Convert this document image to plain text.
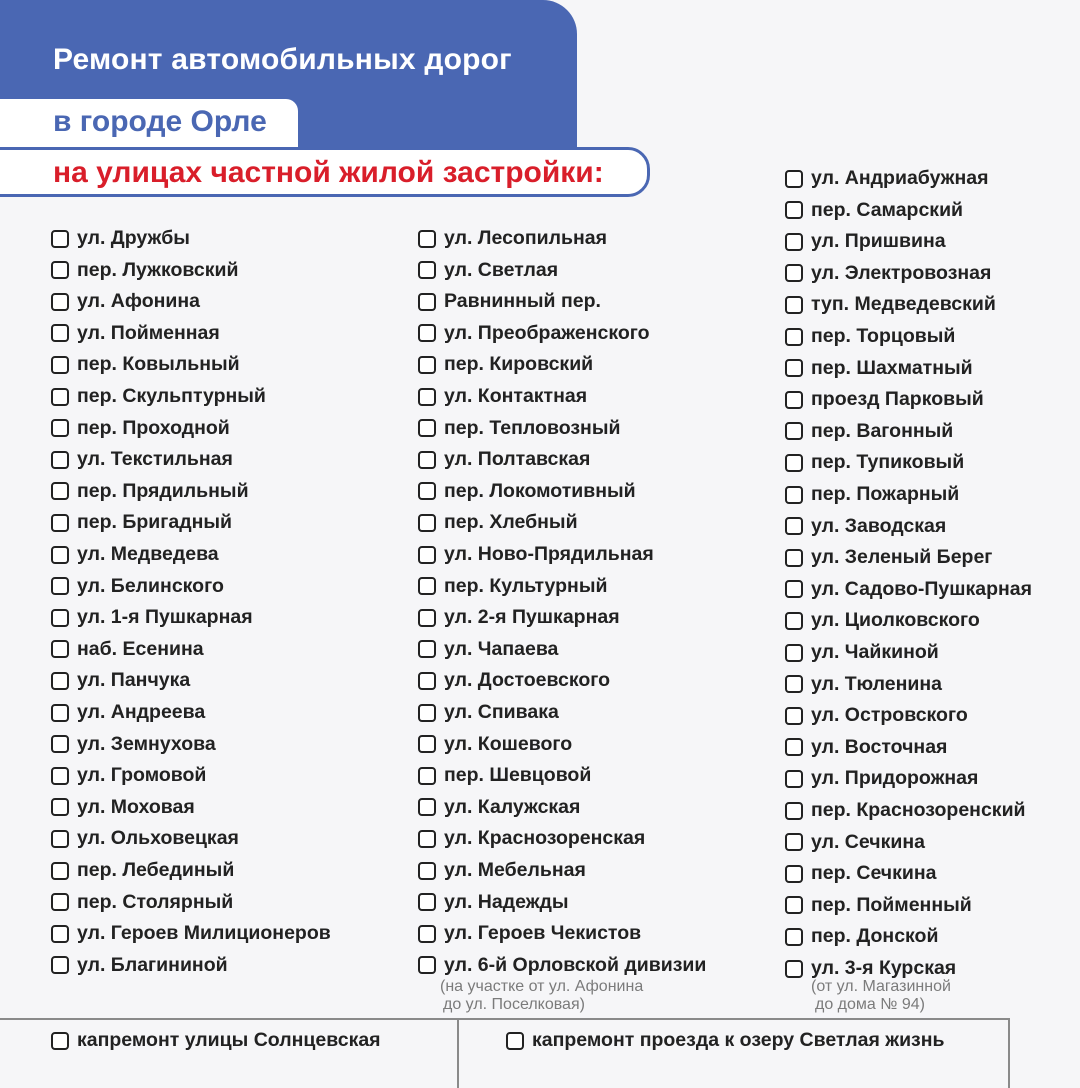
Ремонт автомобильных дорог
в городе Орле
на улицах частной жилой застройки:
ул. Дружбы
пер. Лужковский
ул. Афонина
ул. Пойменная
пер. Ковыльный
пер. Скульптурный
пер. Проходной
ул. Текстильная
пер. Прядильный
пер. Бригадный
ул. Медведева
ул. Белинского
ул. 1-я Пушкарная
наб. Есенина
ул. Панчука
ул. Андреева
ул. Земнухова
ул. Громовой
ул. Моховая
ул. Ольховецкая
пер. Лебединый
пер. Столярный
ул. Героев Милиционеров
ул. Благининой
ул. Лесопильная
ул. Светлая
Равнинный пер.
ул. Преображенского
пер. Кировский
ул. Контактная
пер. Тепловозный
ул. Полтавская
пер. Локомотивный
пер. Хлебный
ул. Ново-Прядильная
пер. Культурный
ул. 2-я Пушкарная
ул. Чапаева
ул. Достоевского
ул. Спивака
ул. Кошевого
пер. Шевцовой
ул. Калужская
ул. Краснозоренская
ул. Мебельная
ул. Надежды
ул. Героев Чекистов
ул. 6-й Орловской дивизии
ул. Андриабужная
пер. Самарский
ул. Пришвина
ул. Электровозная
туп. Медведевский
пер. Торцовый
пер. Шахматный
проезд Парковый
пер. Вагонный
пер. Тупиковый
пер. Пожарный
ул. Заводская
ул. Зеленый Берег
ул. Садово-Пушкарная
ул. Циолковского
ул. Чайкиной
ул. Тюленина
ул. Островского
ул. Восточная
ул. Придорожная
пер. Краснозоренский
ул. Сечкина
пер. Сечкина
пер. Пойменный
пер. Донской
ул. 3-я Курская
(на участке от ул. Афонина
до ул. Поселковая)
(от ул. Магазинной
до дома № 94)
капремонт улицы Солнцевская	капремонт проезда к озеру Светлая жизнь
